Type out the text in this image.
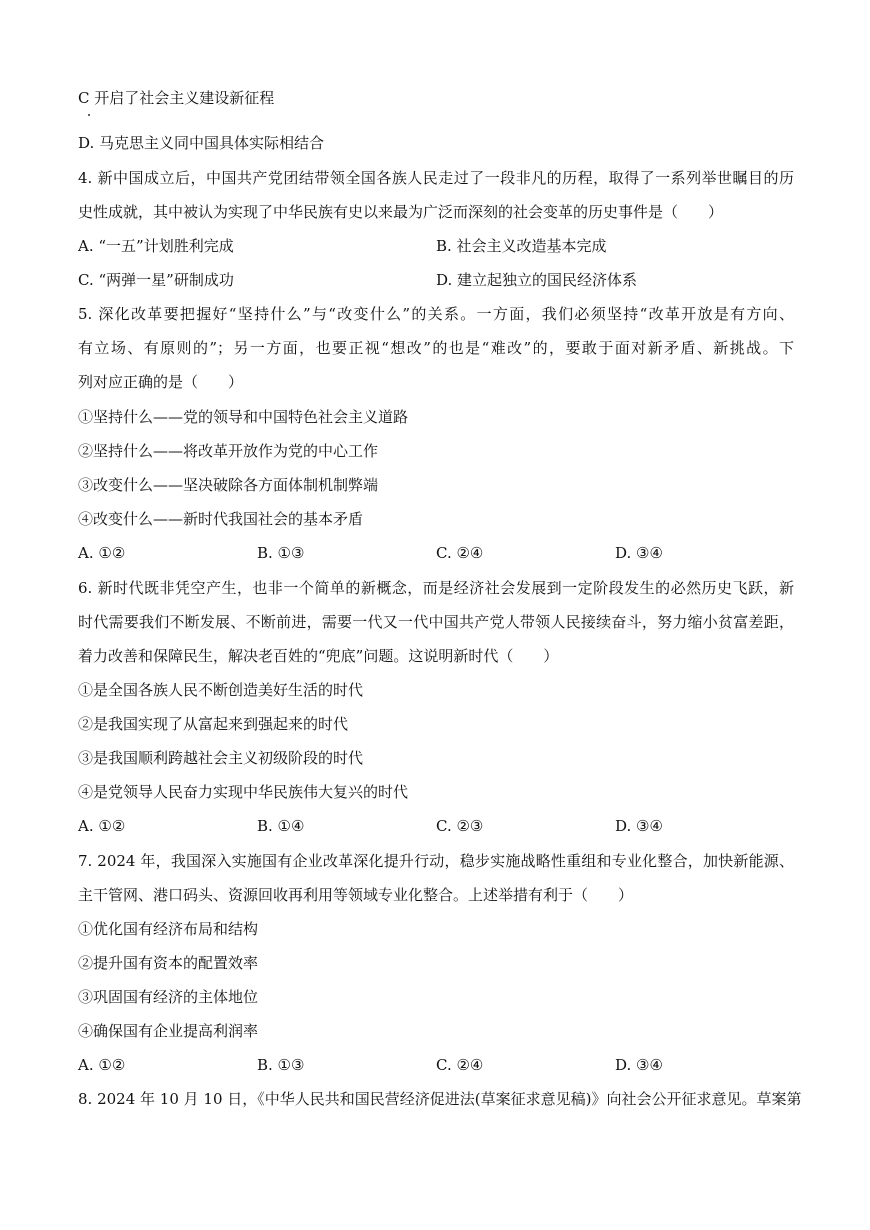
C 开启了社会主义建设新征程
D. 马克思主义同中国具体实际相结合
4. 新中国成立后，中国共产党团结带领全国各族人民走过了一段非凡的历程，取得了一系列举世瞩目的历
史性成就，其中被认为实现了中华民族有史以来最为广泛而深刻的社会变革的历史事件是（　　）
A. “一五”计划胜利完成	B. 社会主义改造基本完成
C. “两弹一星”研制成功	D. 建立起独立的国民经济体系
5. 深化改革要把握好“坚持什么”与“改变什么”的关系。一方面，我们必须坚持“改革开放是有方向、
有立场、有原则的”；另一方面，也要正视“想改”的也是“难改”的，要敢于面对新矛盾、新挑战。下
列对应正确的是（　　）
①坚持什么——党的领导和中国特色社会主义道路
②坚持什么——将改革开放作为党的中心工作
③改变什么——坚决破除各方面体制机制弊端
④改变什么——新时代我国社会的基本矛盾
A. ①②	B. ①③	C. ②④	D. ③④
6. 新时代既非凭空产生，也非一个简单的新概念，而是经济社会发展到一定阶段发生的必然历史飞跃，新
时代需要我们不断发展、不断前进，需要一代又一代中国共产党人带领人民接续奋斗，努力缩小贫富差距，
着力改善和保障民生，解决老百姓的“兜底”问题。这说明新时代（　　）
①是全国各族人民不断创造美好生活的时代
②是我国实现了从富起来到强起来的时代
③是我国顺利跨越社会主义初级阶段的时代
④是党领导人民奋力实现中华民族伟大复兴的时代
A. ①②	B. ①④	C. ②③	D. ③④
7. 2024 年，我国深入实施国有企业改革深化提升行动，稳步实施战略性重组和专业化整合，加快新能源、
主干管网、港口码头、资源回收再利用等领域专业化整合。上述举措有利于（　　）
①优化国有经济布局和结构
②提升国有资本的配置效率
③巩固国有经济的主体地位
④确保国有企业提高利润率
A. ①②	B. ①③	C. ②④	D. ③④
8. 2024 年 10 月 10 日，《中华人民共和国民营经济促进法(草案征求意见稿)》向社会公开征求意见。草案第
